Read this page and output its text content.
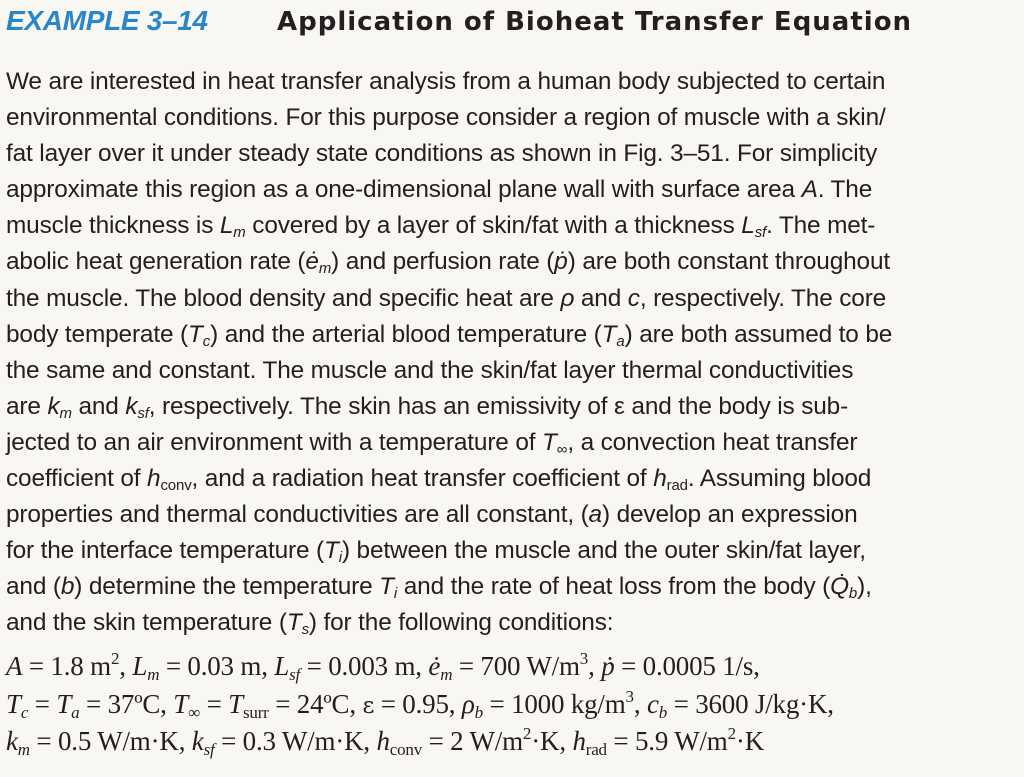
EXAMPLE 3–14	Application of Bioheat Transfer Equation
We are interested in heat transfer analysis from a human body subjected to certain
environmental conditions. For this purpose consider a region of muscle with a skin/
fat layer over it under steady state conditions as shown in Fig. 3–51. For simplicity
approximate this region as a one-dimensional plane wall with surface area A. The
muscle thickness is $L_m$ covered by a layer of skin/fat with a thickness $L_{sf}$. The met-
abolic heat generation rate $(ė_m)$ and perfusion rate (ṗ) are both constant throughout
the muscle. The blood density and specific heat are ρ and c, respectively. The core
body temperate $(T_c)$ and the arterial blood temperature $(T_a)$ are both assumed to be
the same and constant. The muscle and the skin/fat layer thermal conductivities
are $k_m$ and $k_{sf}$, respectively. The skin has an emissivity of ε and the body is sub-
jected to an air environment with a temperature of $T_\infty$, a convection heat transfer
coefficient of $h_{conv}$, and a radiation heat transfer coefficient of $h_{rad}$. Assuming blood
properties and thermal conductivities are all constant, (a) develop an expression
for the interface temperature $(T_i)$ between the muscle and the outer skin/fat layer,
and (b) determine the temperature $T_i$ and the rate of heat loss from the body $(Q̇_b)$,
and the skin temperature $(T_s)$ for the following conditions:
A = 1.8 $m^2$, $L_m = 0.03$ m, $L_{sf} = 0.003$ m, $ė_m = 700$ $W/m^3$, ṗ = 0.0005 1/s,
$T_c = T_a$ = 37ºC, $T_\infty = T_{surr}$ = 24ºC, ε = 0.95, $\rho_b = 1000$ $kg/m^3$, $c_b = 3600$ J/kg·K,
$k_m = 0.5$ W/m·K, $k_{sf} = 0.3$ W/m·K, $h_{conv} = 2$ $W/m^2\cdot K$, $h_{rad} = 5.9$ $W/m^2\cdot K$
